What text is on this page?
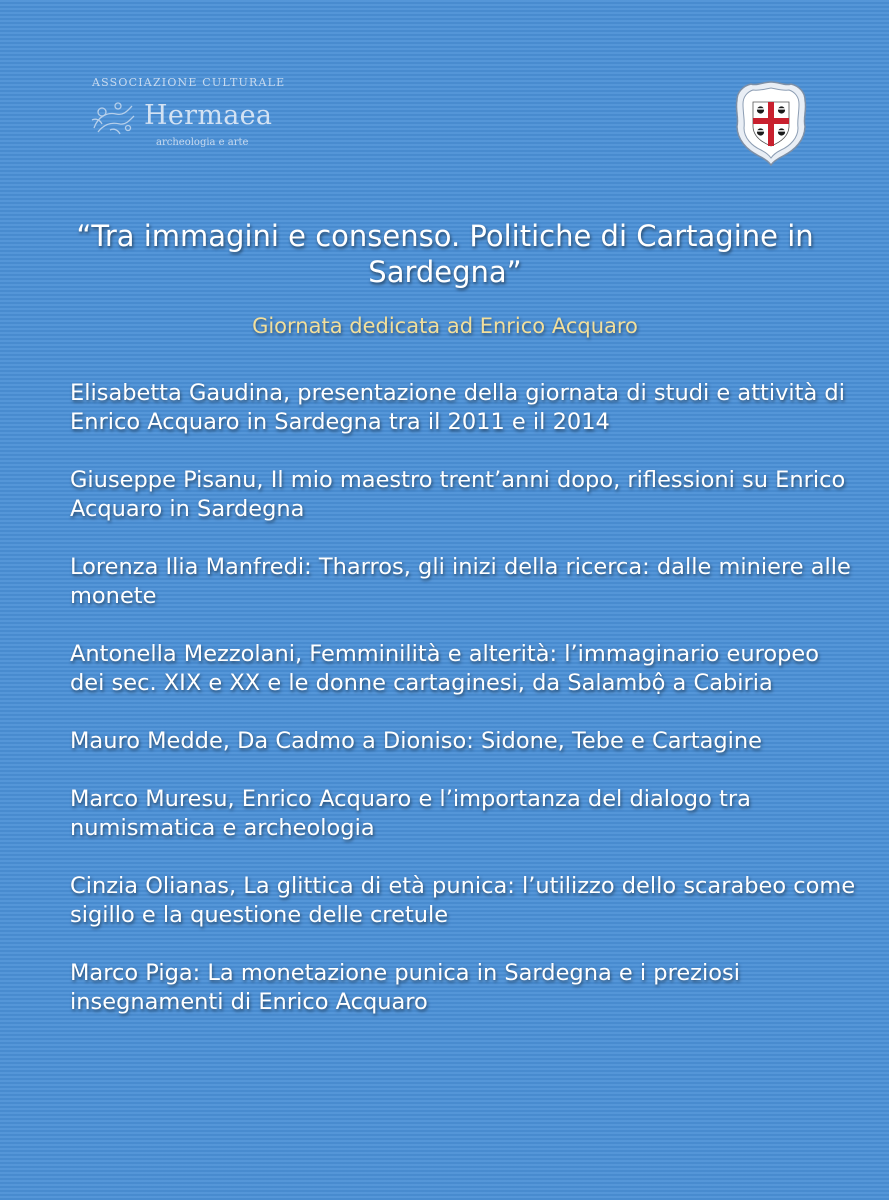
ASSOCIAZIONE CULTURALE
Hermaea
archeologia e arte
“Tra immagini e consenso. Politiche di Cartagine in Sardegna”
Giornata dedicata ad Enrico Acquaro
Elisabetta Gaudina, presentazione della giornata di studi e attività di Enrico Acquaro in Sardegna tra il 2011 e il 2014
Giuseppe Pisanu, Il mio maestro trent’anni dopo, riflessioni su Enrico Acquaro in Sardegna
Lorenza Ilia Manfredi: Tharros, gli inizi della ricerca: dalle miniere alle monete
Antonella Mezzolani, Femminilità e alterità: l’immaginario europeo dei sec. XIX e XX e le donne cartaginesi, da Salambộ a Cabiria
Mauro Medde, Da Cadmo a Dioniso: Sidone, Tebe e Cartagine
Marco Muresu, Enrico Acquaro e l’importanza del dialogo tra numismatica e archeologia
Cinzia Olianas, La glittica di età punica: l’utilizzo dello scarabeo come sigillo e la questione delle cretule
Marco Piga: La monetazione punica in Sardegna e i preziosi insegnamenti di Enrico Acquaro
